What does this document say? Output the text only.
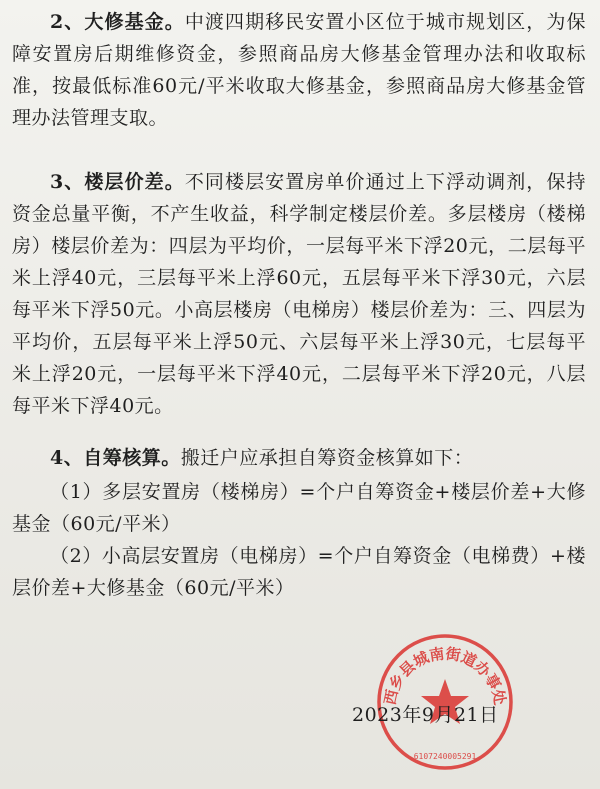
2、大修基金。中渡四期移民安置小区位于城市规划区，为保障安置房后期维修资金，参照商品房大修基金管理办法和收取标准，按最低标准60元/平米收取大修基金，参照商品房大修基金管理办法管理支取。

3、楼层价差。不同楼层安置房单价通过上下浮动调剂，保持资金总量平衡，不产生收益，科学制定楼层价差。多层楼房（楼梯房）楼层价差为：四层为平均价，一层每平米下浮20元，二层每平米上浮40元，三层每平米上浮60元，五层每平米下浮30元，六层每平米下浮50元。小高层楼房（电梯房）楼层价差为：三、四层为平均价，五层每平米上浮50元、六层每平米上浮30元，七层每平米上浮20元，一层每平米下浮40元，二层每平米下浮20元，八层每平米下浮40元。

4、自筹核算。搬迁户应承担自筹资金核算如下：

（1）多层安置房（楼梯房）=个户自筹资金+楼层价差+大修基金（60元/平米）

（2）小高层安置房（电梯房）=个户自筹资金（电梯费）+楼层价差+大修基金（60元/平米）

西乡县城南街道办事处
6107240005291
2023年9月21日
